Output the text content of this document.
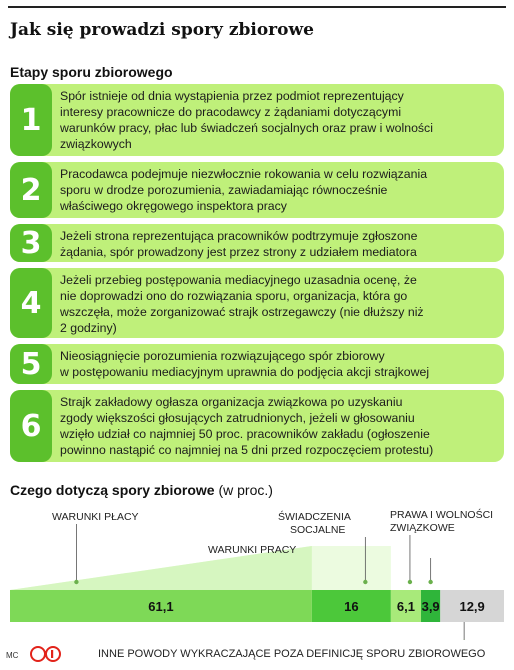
Jak się prowadzi spory zbiorowe
Etapy sporu zbiorowego
1
Spór istnieje od dnia wystąpienia przez podmiot reprezentujący
interesy pracownicze do pracodawcy z żądaniami dotyczącymi
warunków pracy, płac lub świadczeń socjalnych oraz praw i wolności
związkowych
2	Pracodawca podejmuje niezwłocznie rokowania w celu rozwiązania
sporu w drodze porozumienia, zawiadamiając równocześnie
właściwego okręgowego inspektora pracy
3	Jeżeli strona reprezentująca pracowników podtrzymuje zgłoszone
żądania, spór prowadzony jest przez strony z udziałem mediatora
4
Jeżeli przebieg postępowania mediacyjnego uzasadnia ocenę, że
nie doprowadzi ono do rozwiązania sporu, organizacja, która go
wszczęła, może zorganizować strajk ostrzegawczy (nie dłuższy niż
2 godziny)
5	Nieosiągnięcie porozumienia rozwiązującego spór zbiorowy
w postępowaniu mediacyjnym uprawnia do podjęcia akcji strajkowej
6
Strajk zakładowy ogłasza organizacja związkowa po uzyskaniu
zgody większości głosujących zatrudnionych, jeżeli w głosowaniu
wzięło udział co najmniej 50 proc. pracowników zakładu (ogłoszenie
powinno nastąpić co najmniej na 5 dni przed rozpoczęciem protestu)
Czego dotyczą spory zbiorowe (w proc.)
61,1	16	6,1 3,9 12,9
WARUNKI PŁACY	ŚWIADCZENIA
SOCJALNE
WARUNKI PRACY
PRAWA I WOLNOŚCI
ZWIĄZKOWE
MC	INNE POWODY WYKRACZAJĄCE POZA DEFINICJĘ SPORU ZBIOROWEGO
